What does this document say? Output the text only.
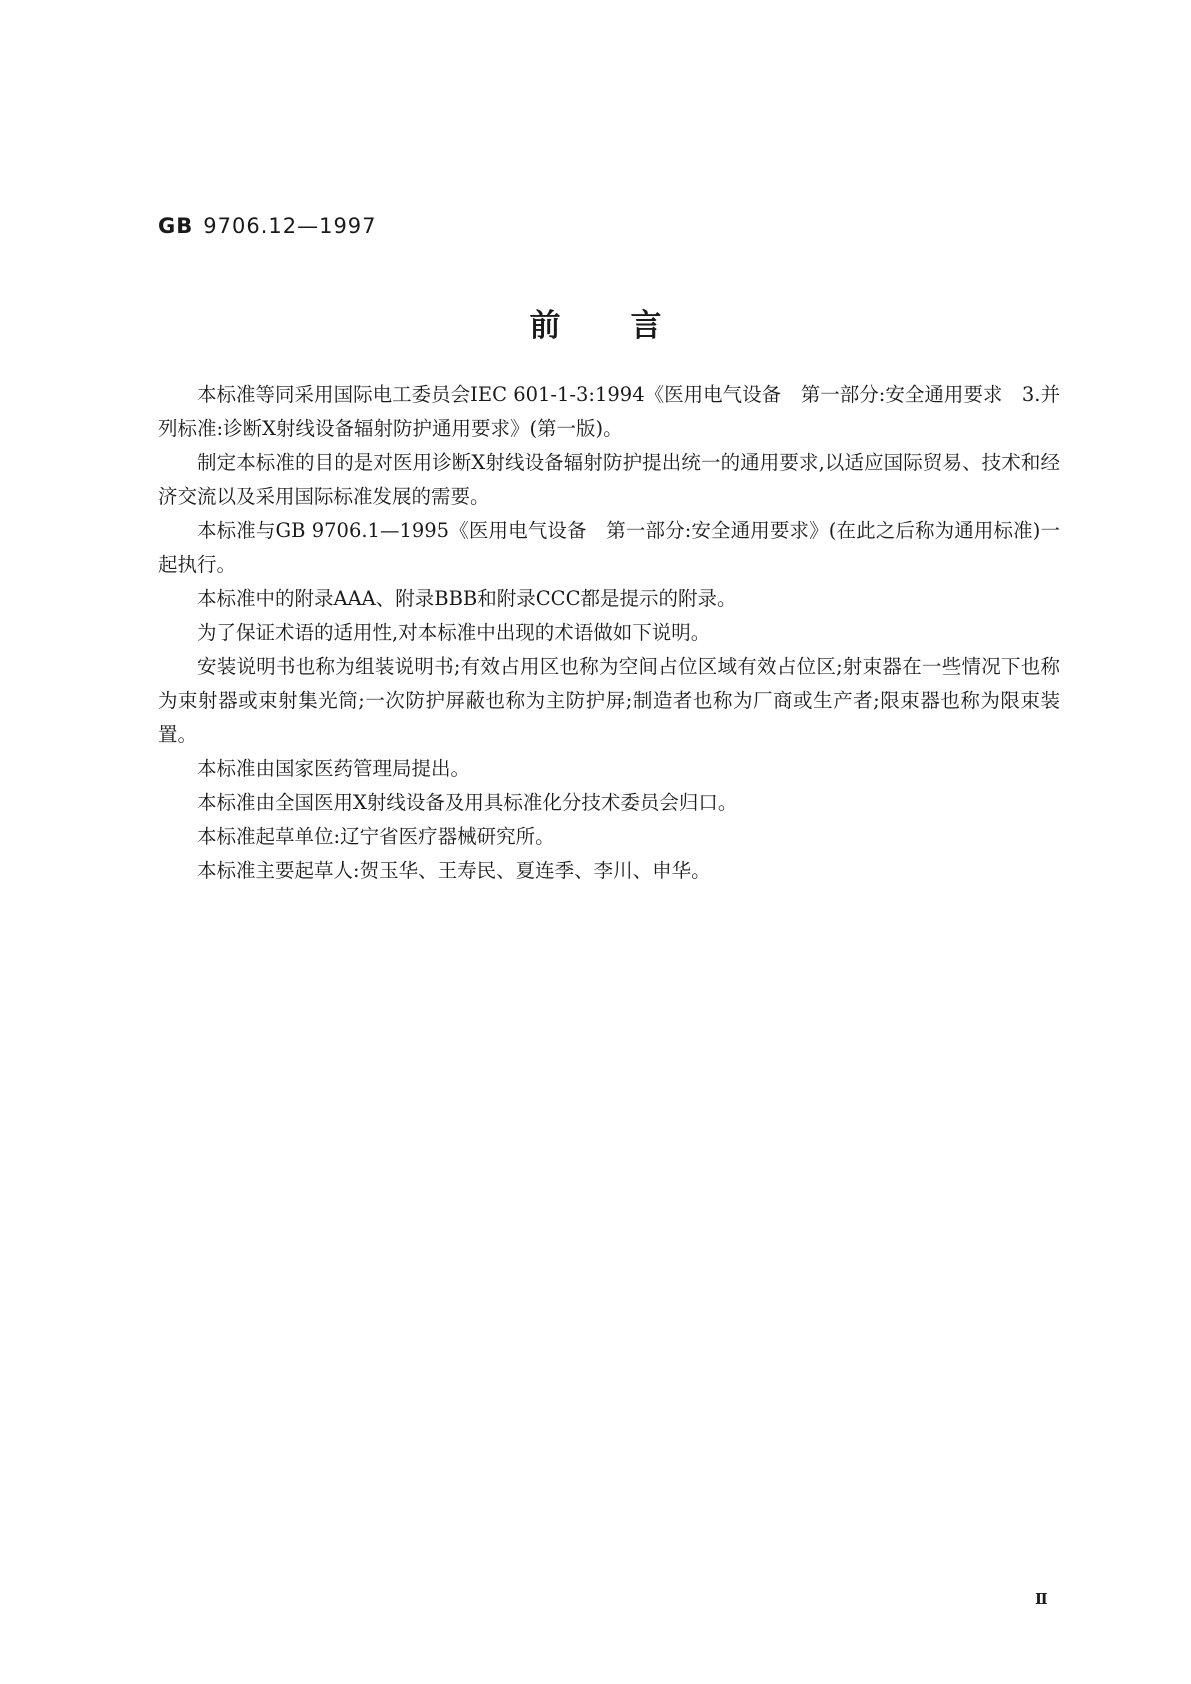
GB 9706.12—1997
前言

本标准等同采用国际电工委员会IEC 601-1-3:1994《医用电气设备　第一部分:安全通用要求　3.并列标准:诊断X射线设备辐射防护通用要求》(第一版)。

制定本标准的目的是对医用诊断X射线设备辐射防护提出统一的通用要求,以适应国际贸易、技术和经济交流以及采用国际标准发展的需要。

本标准与GB 9706.1—1995《医用电气设备　第一部分:安全通用要求》(在此之后称为通用标准)一起执行。

本标准中的附录AAA、附录BBB和附录CCC都是提示的附录。

为了保证术语的适用性,对本标准中出现的术语做如下说明。

安装说明书也称为组装说明书;有效占用区也称为空间占位区域有效占位区;射束器在一些情况下也称为束射器或束射集光筒;一次防护屏蔽也称为主防护屏;制造者也称为厂商或生产者;限束器也称为限束装置。

本标准由国家医药管理局提出。

本标准由全国医用X射线设备及用具标准化分技术委员会归口。

本标准起草单位:辽宁省医疗器械研究所。

本标准主要起草人:贺玉华、王寿民、夏连季、李川、申华。

Ⅱ
